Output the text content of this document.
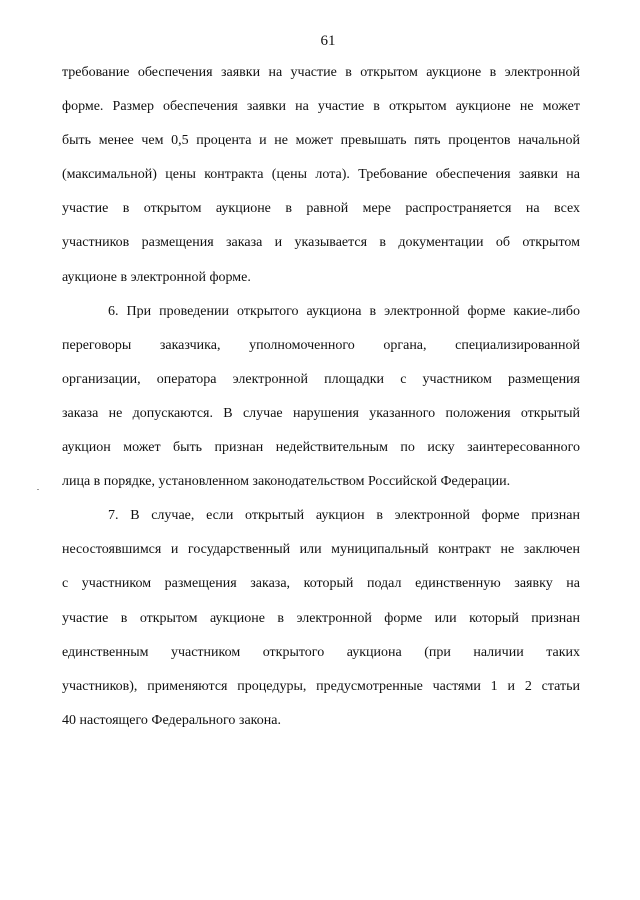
61

требование обеспечения заявки на участие в открытом аукционе в электронной
форме. Размер обеспечения заявки на участие в открытом аукционе не может
быть менее чем 0,5 процента и не может превышать пять процентов начальной
(максимальной) цены контракта (цены лота). Требование обеспечения заявки на
участие в открытом аукционе в равной мере распространяется на всех
участников размещения заказа и указывается в документации об открытом
аукционе в электронной форме.

6. При проведении открытого аукциона в электронной форме какие-либо
переговоры заказчика, уполномоченного органа, специализированной
организации, оператора электронной площадки с участником размещения
заказа не допускаются. В случае нарушения указанного положения открытый
аукцион может быть признан недействительным по иску заинтересованного
лица в порядке, установленном законодательством Российской Федерации.

7. В случае, если открытый аукцион в электронной форме признан
несостоявшимся и государственный или муниципальный контракт не заключен
с участником размещения заказа, который подал единственную заявку на
участие в открытом аукционе в электронной форме или который признан
единственным участником открытого аукциона (при наличии таких
участников), применяются процедуры, предусмотренные частями 1 и 2 статьи
40 настоящего Федерального закона.
